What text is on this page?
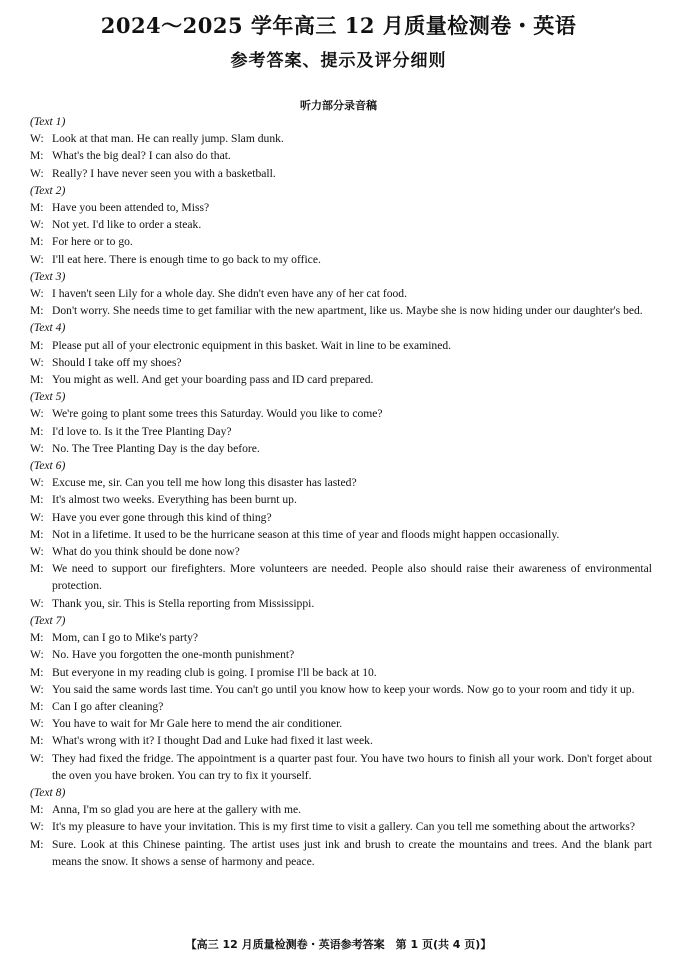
2024～2025 学年高三 12 月质量检测卷・英语
参考答案、提示及评分细则
听力部分录音稿
(Text 1)
W: Look at that man. He can really jump. Slam dunk.
M: What's the big deal? I can also do that.
W: Really? I have never seen you with a basketball.
(Text 2)
M: Have you been attended to, Miss?
W: Not yet. I'd like to order a steak.
M: For here or to go.
W: I'll eat here. There is enough time to go back to my office.
(Text 3)
W: I haven't seen Lily for a whole day. She didn't even have any of her cat food.
M: Don't worry. She needs time to get familiar with the new apartment, like us. Maybe she is now hiding under our daughter's bed.
(Text 4)
M: Please put all of your electronic equipment in this basket. Wait in line to be examined.
W: Should I take off my shoes?
M: You might as well. And get your boarding pass and ID card prepared.
(Text 5)
W: We're going to plant some trees this Saturday. Would you like to come?
M: I'd love to. Is it the Tree Planting Day?
W: No. The Tree Planting Day is the day before.
(Text 6)
W: Excuse me, sir. Can you tell me how long this disaster has lasted?
M: It's almost two weeks. Everything has been burnt up.
W: Have you ever gone through this kind of thing?
M: Not in a lifetime. It used to be the hurricane season at this time of year and floods might happen occasionally.
W: What do you think should be done now?
M: We need to support our firefighters. More volunteers are needed. People also should raise their awareness of environmental protection.
W: Thank you, sir. This is Stella reporting from Mississippi.
(Text 7)
M: Mom, can I go to Mike's party?
W: No. Have you forgotten the one-month punishment?
M: But everyone in my reading club is going. I promise I'll be back at 10.
W: You said the same words last time. You can't go until you know how to keep your words. Now go to your room and tidy it up.
M: Can I go after cleaning?
W: You have to wait for Mr Gale here to mend the air conditioner.
M: What's wrong with it? I thought Dad and Luke had fixed it last week.
W: They had fixed the fridge. The appointment is a quarter past four. You have two hours to finish all your work. Don't forget about the oven you have broken. You can try to fix it yourself.
(Text 8)
M: Anna, I'm so glad you are here at the gallery with me.
W: It's my pleasure to have your invitation. This is my first time to visit a gallery. Can you tell me something about the artworks?
M: Sure. Look at this Chinese painting. The artist uses just ink and brush to create the mountains and trees. And the blank part means the snow. It shows a sense of harmony and peace.
【高三 12 月质量检测卷・英语参考答案　第 1 页(共 4 页)】
